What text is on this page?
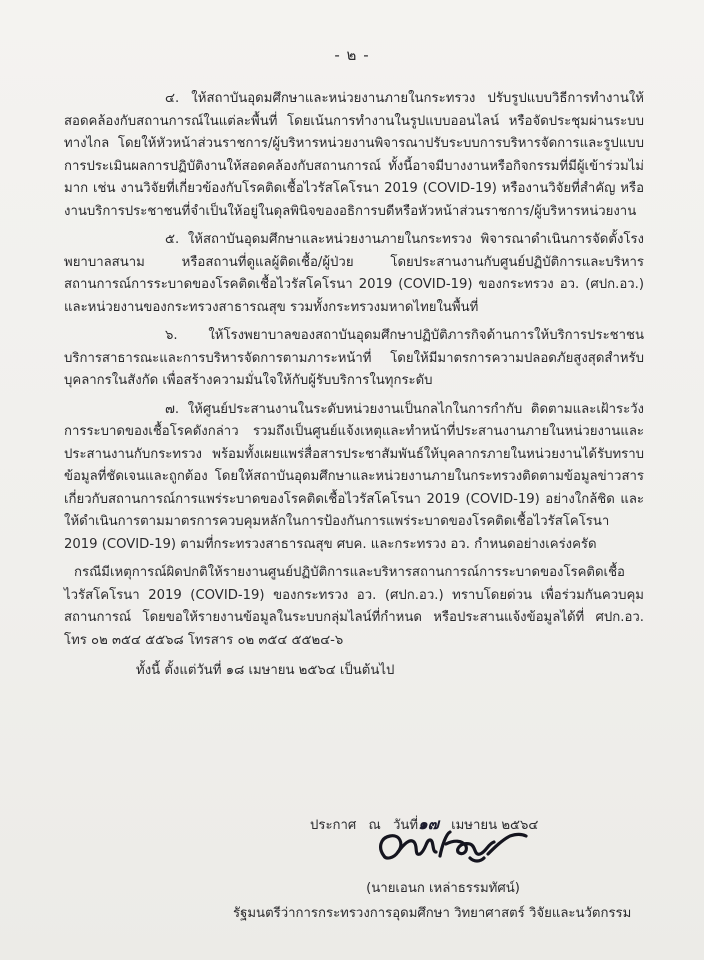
- ๒ -

๔. ให้สถาบันอุดมศึกษาและหน่วยงานภายในกระทรวง ปรับรูปแบบวิธีการทำงานให้สอดคล้องกับสถานการณ์ในแต่ละพื้นที่ โดยเน้นการทำงานในรูปแบบออนไลน์ หรือจัดประชุมผ่านระบบทางไกล โดยให้หัวหน้าส่วนราชการ/ผู้บริหารหน่วยงานพิจารณาปรับระบบการบริหารจัดการและรูปแบบการประเมินผลการปฏิบัติงานให้สอดคล้องกับสถานการณ์ ทั้งนี้อาจมีบางงานหรือกิจกรรมที่มีผู้เข้าร่วมไม่มาก เช่น งานวิจัยที่เกี่ยวข้องกับโรคติดเชื้อไวรัสโคโรนา 2019 (COVID-19) หรืองานวิจัยที่สำคัญ หรืองานบริการประชาชนที่จำเป็นให้อยู่ในดุลพินิจของอธิการบดีหรือหัวหน้าส่วนราชการ/ผู้บริหารหน่วยงาน

๕. ให้สถาบันอุดมศึกษาและหน่วยงานภายในกระทรวง พิจารณาดำเนินการจัดตั้งโรงพยาบาลสนาม หรือสถานที่ดูแลผู้ติดเชื้อ/ผู้ป่วย โดยประสานงานกับศูนย์ปฏิบัติการและบริหารสถานการณ์การระบาดของโรคติดเชื้อไวรัสโคโรนา 2019 (COVID-19) ของกระทรวง อว. (ศปก.อว.) และหน่วยงานของกระทรวงสาธารณสุข รวมทั้งกระทรวงมหาดไทยในพื้นที่

๖. ให้โรงพยาบาลของสถาบันอุดมศึกษาปฏิบัติภารกิจด้านการให้บริการประชาชน บริการสาธารณะและการบริหารจัดการตามภาระหน้าที่ โดยให้มีมาตรการความปลอดภัยสูงสุดสำหรับบุคลากรในสังกัด เพื่อสร้างความมั่นใจให้กับผู้รับบริการในทุกระดับ

๗. ให้ศูนย์ประสานงานในระดับหน่วยงานเป็นกลไกในการกำกับ ติดตามและเฝ้าระวังการระบาดของเชื้อโรคดังกล่าว รวมถึงเป็นศูนย์แจ้งเหตุและทำหน้าที่ประสานงานภายในหน่วยงานและประสานงานกับกระทรวง พร้อมทั้งเผยแพร่สื่อสารประชาสัมพันธ์ให้บุคลากรภายในหน่วยงานได้รับทราบข้อมูลที่ชัดเจนและถูกต้อง โดยให้สถาบันอุดมศึกษาและหน่วยงานภายในกระทรวงติดตามข้อมูลข่าวสารเกี่ยวกับสถานการณ์การแพร่ระบาดของโรคติดเชื้อไวรัสโคโรนา 2019 (COVID-19) อย่างใกล้ชิด และให้ดำเนินการตามมาตรการควบคุมหลักในการป้องกันการแพร่ระบาดของโรคติดเชื้อไวรัสโคโรนา 2019 (COVID-19) ตามที่กระทรวงสาธารณสุข ศบค. และกระทรวง อว. กำหนดอย่างเคร่งครัด

กรณีมีเหตุการณ์ผิดปกติให้รายงานศูนย์ปฏิบัติการและบริหารสถานการณ์การระบาดของโรคติดเชื้อไวรัสโคโรนา 2019 (COVID-19) ของกระทรวง อว. (ศปก.อว.) ทราบโดยด่วน เพื่อร่วมกันควบคุมสถานการณ์ โดยขอให้รายงานข้อมูลในระบบกลุ่มไลน์ที่กำหนด หรือประสานแจ้งข้อมูลได้ที่ ศปก.อว. โทร ๐๒ ๓๕๔ ๕๕๖๘ โทรสาร ๐๒ ๓๕๔ ๕๕๒๔-๖

ทั้งนี้ ตั้งแต่วันที่ ๑๘ เมษายน ๒๕๖๔ เป็นต้นไป

ประกาศ ณ วันที่๑๗ เมษายน ๒๕๖๔
(นายเอนก เหล่าธรรมทัศน์)
รัฐมนตรีว่าการกระทรวงการอุดมศึกษา วิทยาศาสตร์ วิจัยและนวัตกรรม
